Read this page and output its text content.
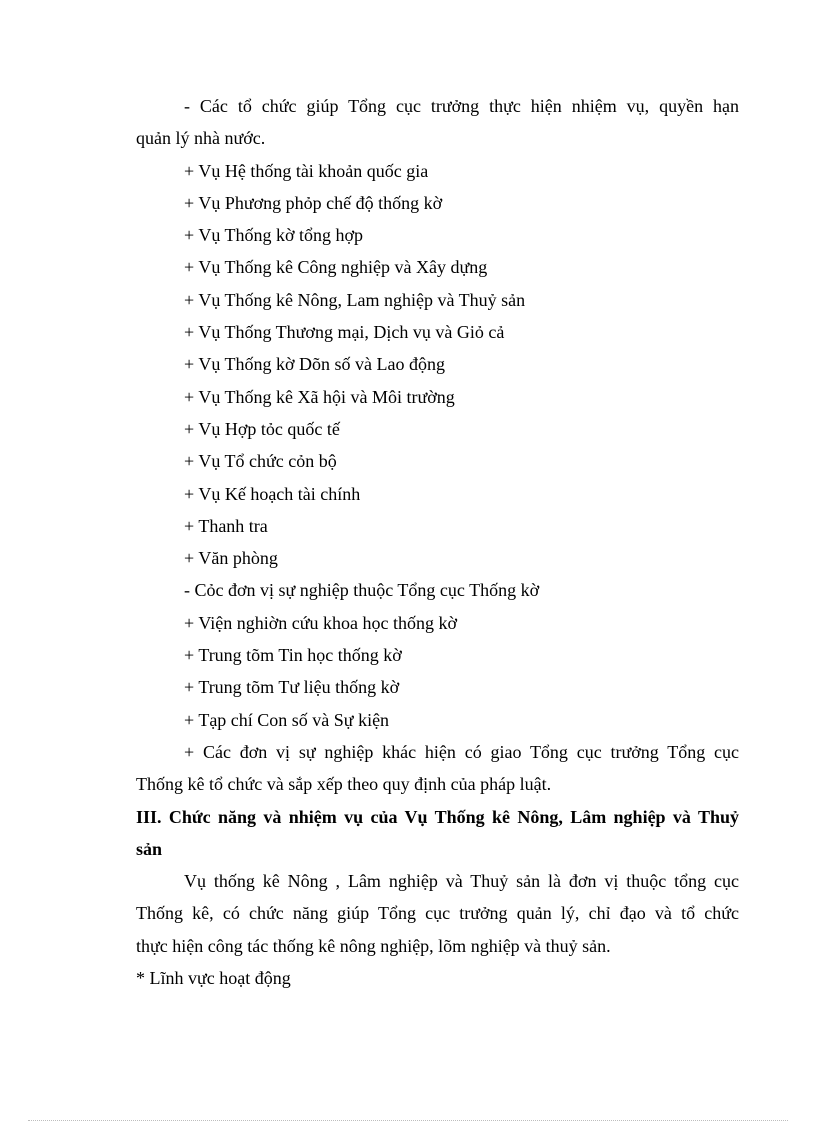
- Các tổ chức giúp Tổng cục trưởng thực hiện nhiệm vụ, quyền hạn
quản lý nhà nước.
+ Vụ Hệ thống tài khoản quốc gia
+ Vụ Phương phỏp chế độ thống kờ
+ Vụ Thống kờ tổng hợp
+ Vụ Thống kê Công nghiệp và Xây dựng
+ Vụ Thống kê Nông, Lam nghiệp và Thuỷ sản
+ Vụ Thống Thương mại, Dịch vụ và Giỏ cả
+ Vụ Thống kờ Dõn số và Lao động
+ Vụ Thống kê Xã hội và Môi trường
+ Vụ Hợp tỏc quốc tế
+ Vụ Tổ chức cỏn bộ
+ Vụ Kế hoạch tài chính
+ Thanh tra
+ Văn phòng
- Cỏc đơn vị sự nghiệp thuộc Tổng cục Thống kờ
+ Viện nghiờn cứu khoa học thống kờ
+ Trung tõm Tin học thống kờ
+ Trung tõm Tư liệu thống kờ
+ Tạp chí Con số và Sự kiện
+ Các đơn vị sự nghiệp khác hiện có giao Tổng cục trưởng Tổng cục
Thống kê tổ chức và sắp xếp theo quy định của pháp luật.
III. Chức năng và nhiệm vụ của Vụ Thống kê Nông, Lâm nghiệp và Thuỷ
sản
Vụ thống kê Nông , Lâm nghiệp và Thuỷ sản là đơn vị thuộc tổng cục
Thống kê, có chức năng giúp Tổng cục trưởng quản lý, chỉ đạo và tổ chức
thực hiện công tác thống kê nông nghiệp, lõm nghiệp và thuỷ sản.
* Lĩnh vực hoạt động
